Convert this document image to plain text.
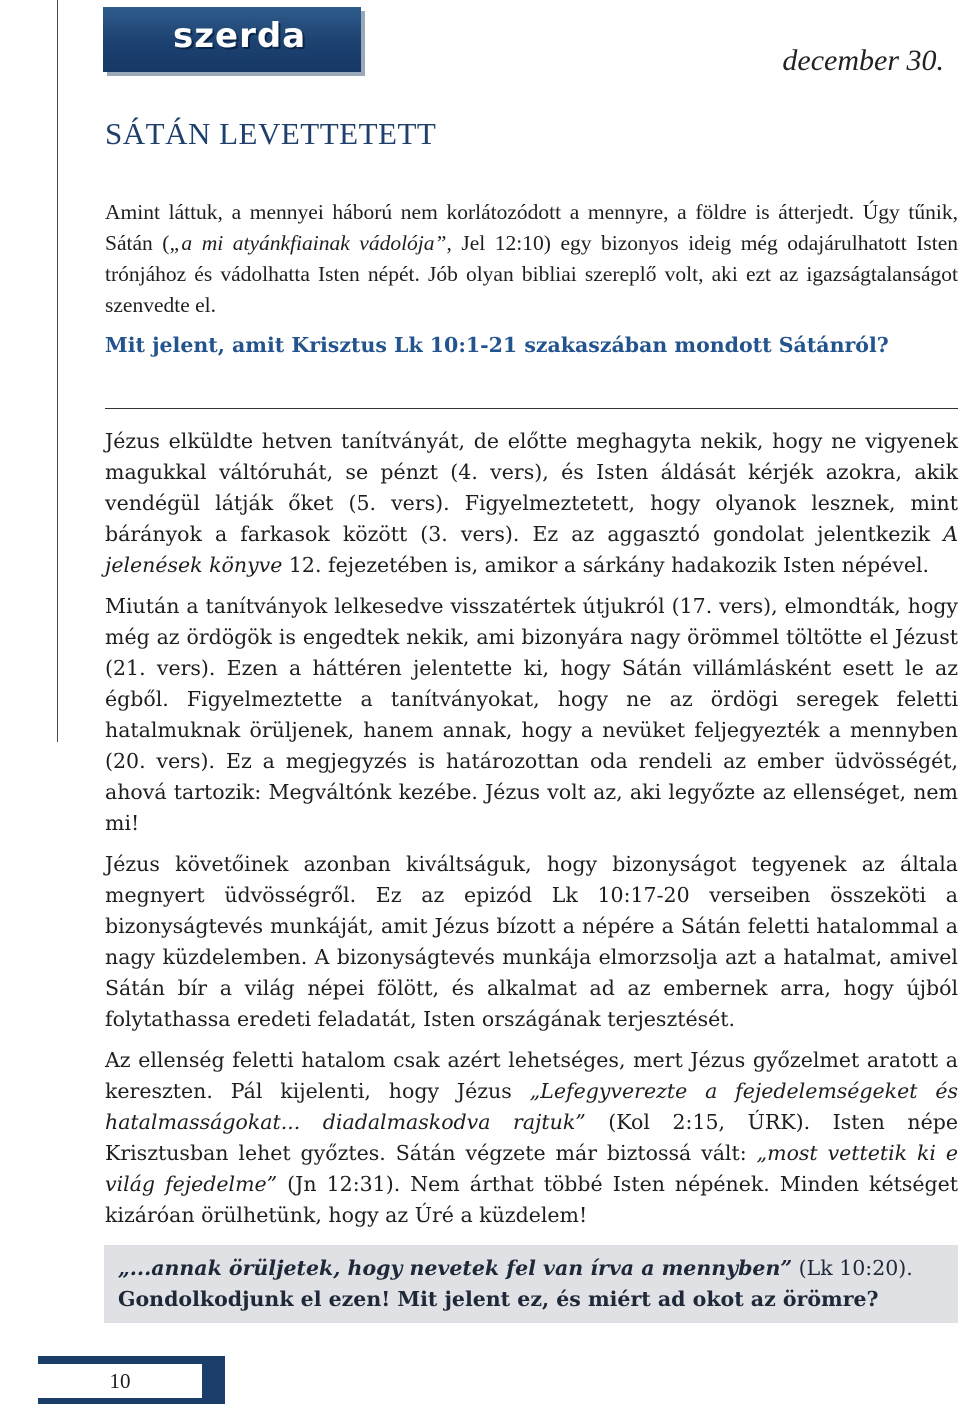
szerda
december 30.
SÁTÁN LEVETTETETT
Amint láttuk, a mennyei háború nem korlátozódott a mennyre, a földre is átterjedt. Úgy tűnik, Sátán („a mi atyánkfiainak vádolója”, Jel 12:10) egy bizonyos ideig még odajárulhatott Isten trónjához és vádolhatta Isten népét. Jób olyan bibliai szereplő volt, aki ezt az igazságtalanságot szenvedte el.
Mit jelent, amit Krisztus Lk 10:1-21 szakaszában mondott Sátánról?

Jézus elküldte hetven tanítványát, de előtte meghagyta nekik, hogy ne vigyenek magukkal váltóruhát, se pénzt (4. vers), és Isten áldását kérjék azokra, akik vendégül látják őket (5. vers). Figyelmeztetett, hogy olyanok lesznek, mint bárányok a farkasok között (3. vers). Ez az aggasztó gondolat jelentkezik A jelenések könyve 12. fejezetében is, amikor a sárkány hadakozik Isten népével.

Miután a tanítványok lelkesedve visszatértek útjukról (17. vers), elmondták, hogy még az ördögök is engedtek nekik, ami bizonyára nagy örömmel töltötte el Jézust (21. vers). Ezen a háttéren jelentette ki, hogy Sátán villámlásként esett le az égből. Figyelmeztette a tanítványokat, hogy ne az ördögi seregek feletti hatalmuknak örüljenek, hanem annak, hogy a nevüket feljegyezték a mennyben (20. vers). Ez a megjegyzés is határozottan oda rendeli az ember üdvösségét, ahová tartozik: Megváltónk kezébe. Jézus volt az, aki legyőzte az ellenséget, nem mi!

Jézus követőinek azonban kiváltságuk, hogy bizonyságot tegyenek az általa megnyert üdvösségről. Ez az epizód Lk 10:17-20 verseiben összeköti a bizonyságtevés munkáját, amit Jézus bízott a népére a Sátán feletti hatalommal a nagy küzdelemben. A bizonyságtevés munkája elmorzsolja azt a hatalmat, amivel Sátán bír a világ népei fölött, és alkalmat ad az embernek arra, hogy újból folytathassa eredeti feladatát, Isten országának terjesztését.

Az ellenség feletti hatalom csak azért lehetséges, mert Jézus győzelmet aratott a kereszten. Pál kijelenti, hogy Jézus „Lefegyverezte a fejedelemségeket és hatalmasságokat... diadalmaskodva rajtuk” (Kol 2:15, ÚRK). Isten népe Krisztusban lehet győztes. Sátán végzete már biztossá vált: „most vettetik ki e világ fejedelme” (Jn 12:31). Nem árthat többé Isten népének. Minden kétséget kizáróan örülhetünk, hogy az Úré a küzdelem!

„...annak örüljetek, hogy nevetek fel van írva a mennyben” (Lk 10:20).
Gondolkodjunk el ezen! Mit jelent ez, és miért ad okot az örömre?
10
